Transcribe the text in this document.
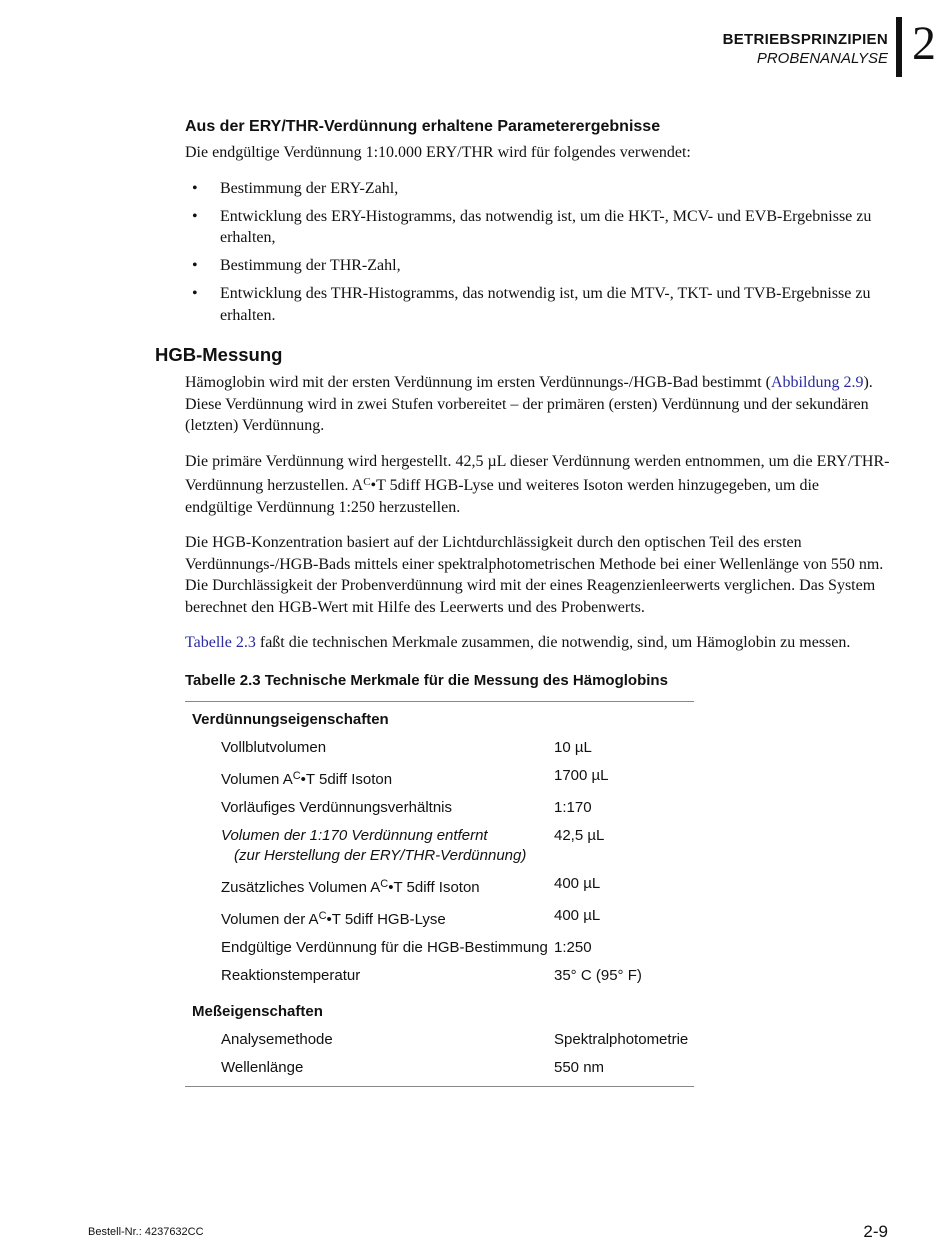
BETRIEBSPRINZIPIEN
PROBENANALYSE 2
Aus der ERY/THR-Verdünnung erhaltene Parameterergebnisse

Die endgültige Verdünnung 1:10.000 ERY/THR wird für folgendes verwendet:

• Bestimmung der ERY-Zahl,
• Entwicklung des ERY-Histogramms, das notwendig ist, um die HKT-, MCV- und EVB-Ergebnisse zu erhalten,
• Bestimmung der THR-Zahl,
• Entwicklung des THR-Histogramms, das notwendig ist, um die MTV-, TKT- und TVB-Ergebnisse zu erhalten.
HGB-Messung

Hämoglobin wird mit der ersten Verdünnung im ersten Verdünnungs-/HGB-Bad bestimmt (Abbildung 2.9). Diese Verdünnung wird in zwei Stufen vorbereitet – der primären (ersten) Verdünnung und der sekundären (letzten) Verdünnung.

Die primäre Verdünnung wird hergestellt. 42,5 µL dieser Verdünnung werden entnommen, um die ERY/THR-Verdünnung herzustellen. $A^C•T$ 5diff HGB-Lyse und weiteres Isoton werden hinzugegeben, um die endgültige Verdünnung 1:250 herzustellen.

Die HGB-Konzentration basiert auf der Lichtdurchlässigkeit durch den optischen Teil des ersten Verdünnungs-/HGB-Bads mittels einer spektralphotometrischen Methode bei einer Wellenlänge von 550 nm. Die Durchlässigkeit der Probenverdünnung wird mit der eines Reagenzienleerwerts verglichen. Das System berechnet den HGB-Wert mit Hilfe des Leerwerts und des Probenwerts.

Tabelle 2.3 faßt die technischen Merkmale zusammen, die notwendig, sind, um Hämoglobin zu messen.

Tabelle 2.3 Technische Merkmale für die Messung des Hämoglobins
Verdünnungseigenschaften	
Vollblutvolumen	10 µL
Volumen $A^C•T$ 5diff Isoton	1700 µL
Vorläufiges Verdünnungsverhältnis	1:170
Volumen der 1:170 Verdünnung entfernt
(zur Herstellung der ERY/THR-Verdünnung)	42,5 µL
Zusätzliches Volumen $A^C•T$ 5diff Isoton	400 µL
Volumen der $A^C•T$ 5diff HGB-Lyse	400 µL
Endgültige Verdünnung für die HGB-Bestimmung	1:250
Reaktionstemperatur	35° C (95° F)
Meßeigenschaften	
Analysemethode	Spektralphotometrie
Wellenlänge	550 nm
Bestell-Nr.: 4237632CC	2-9
